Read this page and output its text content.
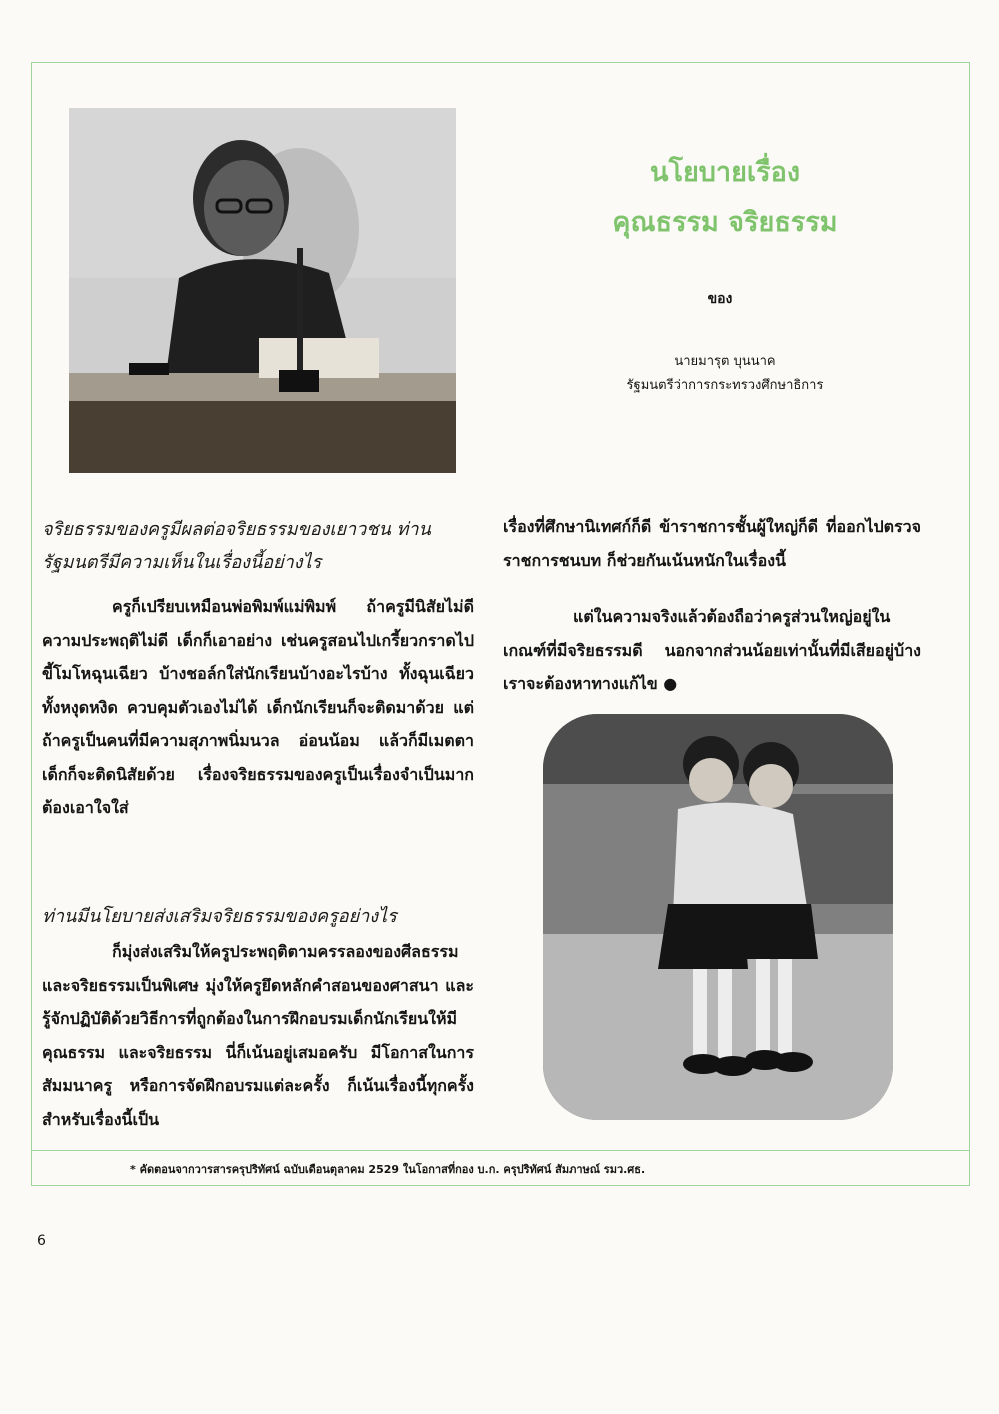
นโยบายเรื่อง
คุณธรรม จริยธรรม
ของ
นายมารุต บุนนาค
รัฐมนตรีว่าการกระทรวงศึกษาธิการ
จริยธรรมของครูมีผลต่อจริยธรรมของเยาวชน ท่านรัฐมนตรีมีความเห็นในเรื่องนี้อย่างไร
ครูก็เปรียบเหมือนพ่อพิมพ์แม่พิมพ์ ถ้าครูมีนิสัยไม่ดี ความประพฤติไม่ดี เด็กก็เอาอย่าง เช่นครูสอนไปเกรี้ยวกราดไป ขี้โมโหฉุนเฉียว บ้างชอล์กใส่นักเรียนบ้างอะไรบ้าง ทั้งฉุนเฉียวทั้งหงุดหงิด ควบคุมตัวเองไม่ได้ เด็กนักเรียนก็จะติดมาด้วย แต่ถ้าครูเป็นคนที่มีความสุภาพนิ่มนวล อ่อนน้อม แล้วก็มีเมตตา เด็กก็จะติดนิสัยด้วย เรื่องจริยธรรมของครูเป็นเรื่องจำเป็นมาก ต้องเอาใจใส่
ท่านมีนโยบายส่งเสริมจริยธรรมของครูอย่างไร
ก็มุ่งส่งเสริมให้ครูประพฤติตามครรลองของศีลธรรม และจริยธรรมเป็นพิเศษ มุ่งให้ครูยึดหลักคำสอนของศาสนา และรู้จักปฏิบัติด้วยวิธีการที่ถูกต้องในการฝึกอบรมเด็กนักเรียนให้มีคุณธรรม และจริยธรรม นี่ก็เน้นอยู่เสมอครับ มีโอกาสในการสัมมนาครู หรือการจัดฝึกอบรมแต่ละครั้ง ก็เน้นเรื่องนี้ทุกครั้ง สำหรับเรื่องนี้เป็น
เรื่องที่ศึกษานิเทศก์ก็ดี ข้าราชการชั้นผู้ใหญ่ก็ดี ที่ออกไปตรวจราชการชนบท ก็ช่วยกันเน้นหนักในเรื่องนี้
แต่ในความจริงแล้วต้องถือว่าครูส่วนใหญ่อยู่ในเกณฑ์ที่มีจริยธรรมดี นอกจากส่วนน้อยเท่านั้นที่มีเสียอยู่บ้าง เราจะต้องหาทางแก้ไข ●
* คัดตอนจากวารสารครุปริทัศน์ ฉบับเดือนตุลาคม 2529 ในโอกาสที่กอง บ.ก. ครุปริทัศน์ สัมภาษณ์ รมว.ศธ.
6
